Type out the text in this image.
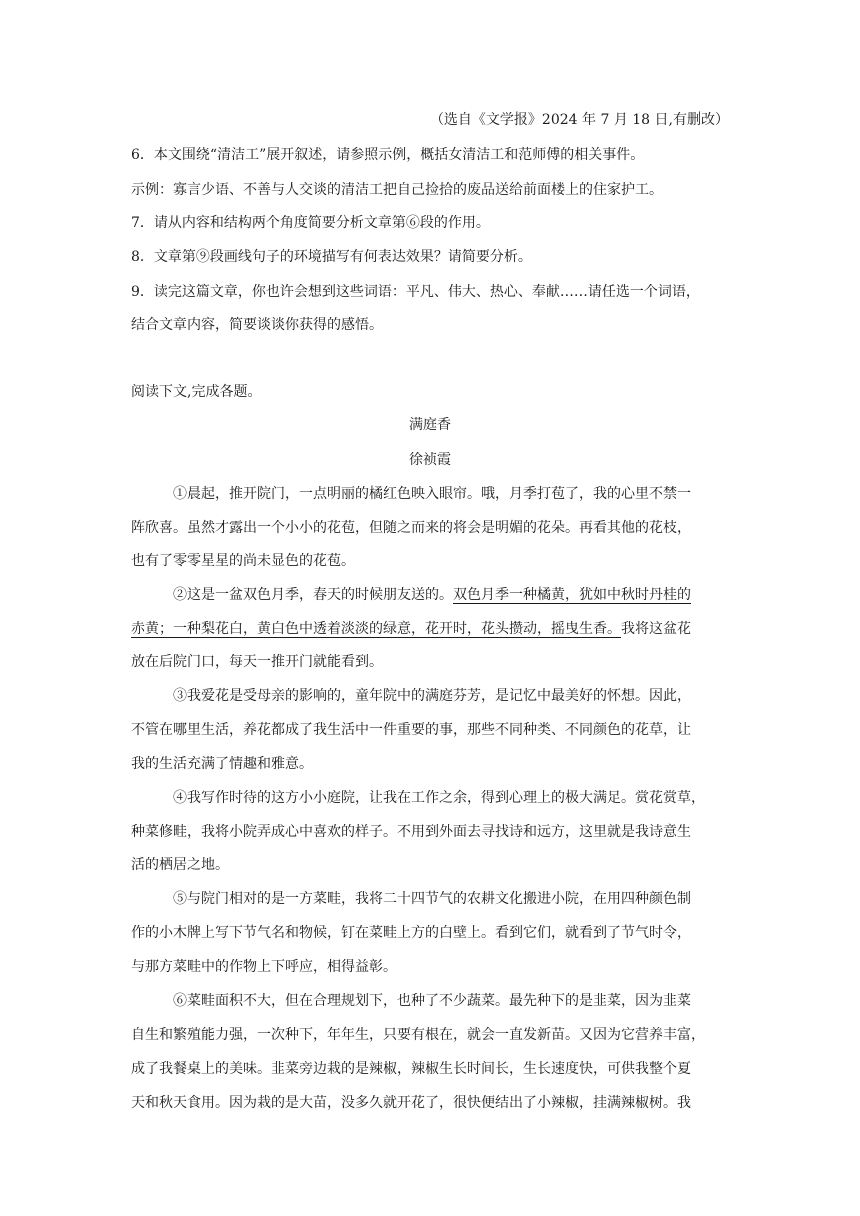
（选自《文学报》2024 年 7 月 18 日,有删改）
6．本文围绕“清洁工”展开叙述，请参照示例，概括女清洁工和范师傅的相关事件。
示例：寡言少语、不善与人交谈的清洁工把自己捡拾的废品送给前面楼上的住家护工。
7．请从内容和结构两个角度简要分析文章第⑥段的作用。
8．文章第⑨段画线句子的环境描写有何表达效果？请简要分析。
9．读完这篇文章，你也许会想到这些词语：平凡、伟大、热心、奉献……请任选一个词语，
结合文章内容，简要谈谈你获得的感悟。
阅读下文,完成各题。
满庭香
徐祯霞
①晨起，推开院门，一点明丽的橘红色映入眼帘。哦，月季打苞了，我的心里不禁一
阵欣喜。虽然才露出一个小小的花苞，但随之而来的将会是明媚的花朵。再看其他的花枝，
也有了零零星星的尚未显色的花苞。
②这是一盆双色月季，春天的时候朋友送的。双色月季一种橘黄，犹如中秋时丹桂的
赤黄；一种梨花白，黄白色中透着淡淡的绿意，花开时，花头攒动，摇曳生香。我将这盆花
放在后院门口，每天一推开门就能看到。
③我爱花是受母亲的影响的，童年院中的满庭芬芳，是记忆中最美好的怀想。因此，
不管在哪里生活，养花都成了我生活中一件重要的事，那些不同种类、不同颜色的花草，让
我的生活充满了情趣和雅意。
④我写作时待的这方小小庭院，让我在工作之余，得到心理上的极大满足。赏花赏草，
种菜修畦，我将小院弄成心中喜欢的样子。不用到外面去寻找诗和远方，这里就是我诗意生
活的栖居之地。
⑤与院门相对的是一方菜畦，我将二十四节气的农耕文化搬进小院，在用四种颜色制
作的小木牌上写下节气名和物候，钉在菜畦上方的白壁上。看到它们，就看到了节气时令，
与那方菜畦中的作物上下呼应，相得益彰。
⑥菜畦面积不大，但在合理规划下，也种了不少蔬菜。最先种下的是韭菜，因为韭菜
自生和繁殖能力强，一次种下，年年生，只要有根在，就会一直发新苗。又因为它营养丰富，
成了我餐桌上的美味。韭菜旁边栽的是辣椒，辣椒生长时间长，生长速度快，可供我整个夏
天和秋天食用。因为栽的是大苗，没多久就开花了，很快便结出了小辣椒，挂满辣椒树。我
